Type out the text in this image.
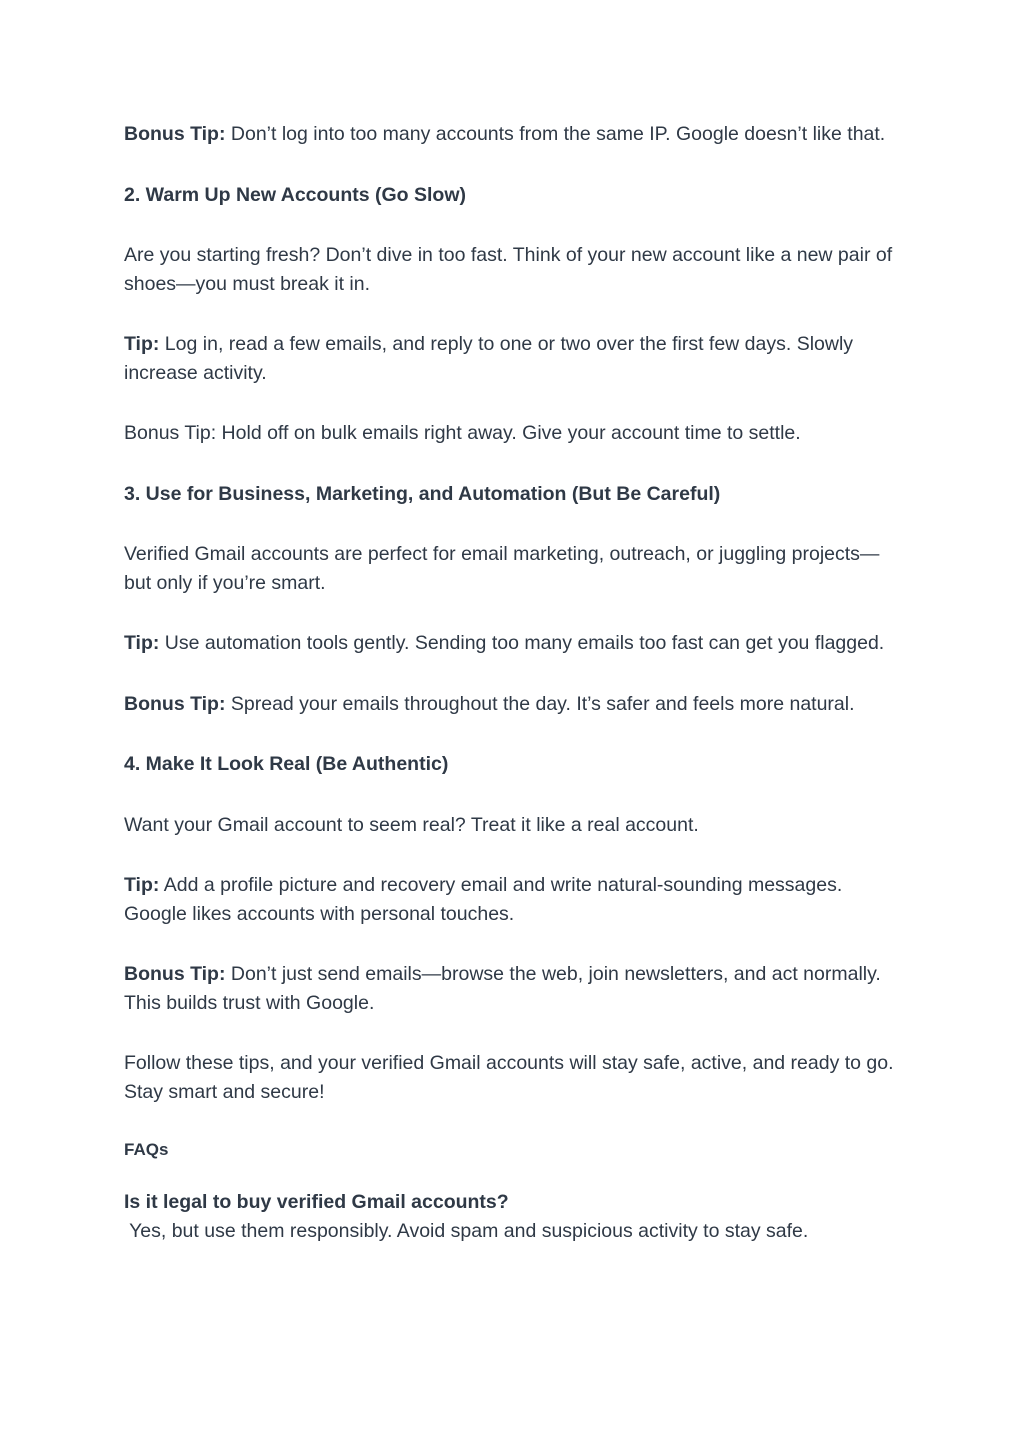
Bonus Tip: Don’t log into too many accounts from the same IP. Google doesn’t like that.

2. Warm Up New Accounts (Go Slow)

Are you starting fresh? Don’t dive in too fast. Think of your new account like a new pair of shoes—you must break it in.

Tip: Log in, read a few emails, and reply to one or two over the first few days. Slowly increase activity.

Bonus Tip: Hold off on bulk emails right away. Give your account time to settle.

3. Use for Business, Marketing, and Automation (But Be Careful)

Verified Gmail accounts are perfect for email marketing, outreach, or juggling projects—but only if you’re smart.

Tip: Use automation tools gently. Sending too many emails too fast can get you flagged.

Bonus Tip: Spread your emails throughout the day. It’s safer and feels more natural.

4. Make It Look Real (Be Authentic)

Want your Gmail account to seem real? Treat it like a real account.

Tip: Add a profile picture and recovery email and write natural-sounding messages. Google likes accounts with personal touches.

Bonus Tip: Don’t just send emails—browse the web, join newsletters, and act normally. This builds trust with Google.

Follow these tips, and your verified Gmail accounts will stay safe, active, and ready to go. Stay smart and secure!

FAQs

Is it legal to buy verified Gmail accounts?
Yes, but use them responsibly. Avoid spam and suspicious activity to stay safe.
